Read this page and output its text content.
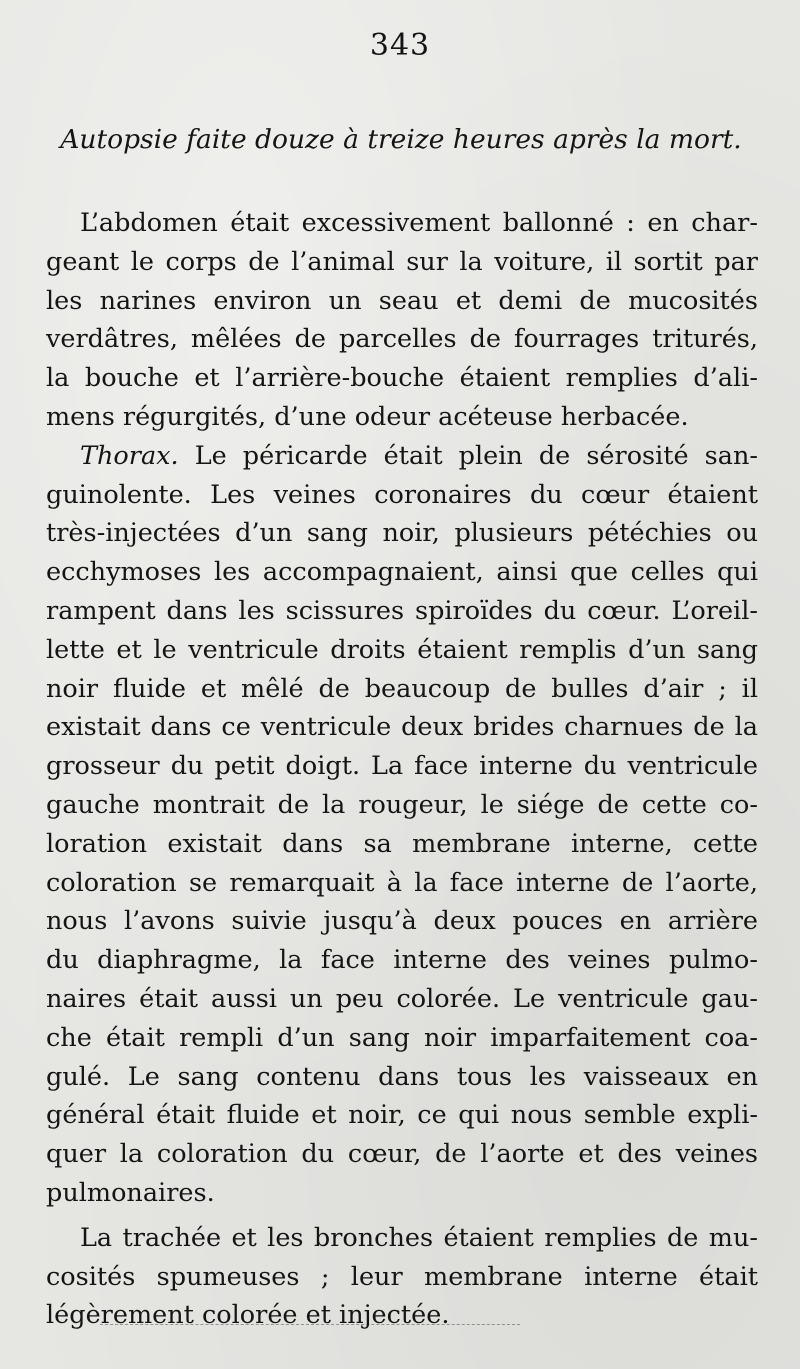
343
Autopsie faite douze à treize heures après la mort.
L’abdomen était excessivement ballonné : en char-
geant le corps de l’animal sur la voiture, il sortit par
les narines environ un seau et demi de mucosités
verdâtres, mêlées de parcelles de fourrages triturés,
la bouche et l’arrière-bouche étaient remplies d’ali-
mens régurgités, d’une odeur acéteuse herbacée.
Thorax. Le péricarde était plein de sérosité san-
guinolente. Les veines coronaires du cœur étaient
très-injectées d’un sang noir, plusieurs pétéchies ou
ecchymoses les accompagnaient, ainsi que celles qui
rampent dans les scissures spiroïdes du cœur. L’oreil-
lette et le ventricule droits étaient remplis d’un sang
noir fluide et mêlé de beaucoup de bulles d’air ; il
existait dans ce ventricule deux brides charnues de la
grosseur du petit doigt. La face interne du ventricule
gauche montrait de la rougeur, le siége de cette co-
loration existait dans sa membrane interne, cette
coloration se remarquait à la face interne de l’aorte,
nous l’avons suivie jusqu’à deux pouces en arrière
du diaphragme, la face interne des veines pulmo-
naires était aussi un peu colorée. Le ventricule gau-
che était rempli d’un sang noir imparfaitement coa-
gulé. Le sang contenu dans tous les vaisseaux en
général était fluide et noir, ce qui nous semble expli-
quer la coloration du cœur, de l’aorte et des veines
pulmonaires.
La trachée et les bronches étaient remplies de mu-
cosités spumeuses ; leur membrane interne était
légèrement colorée et injectée.
